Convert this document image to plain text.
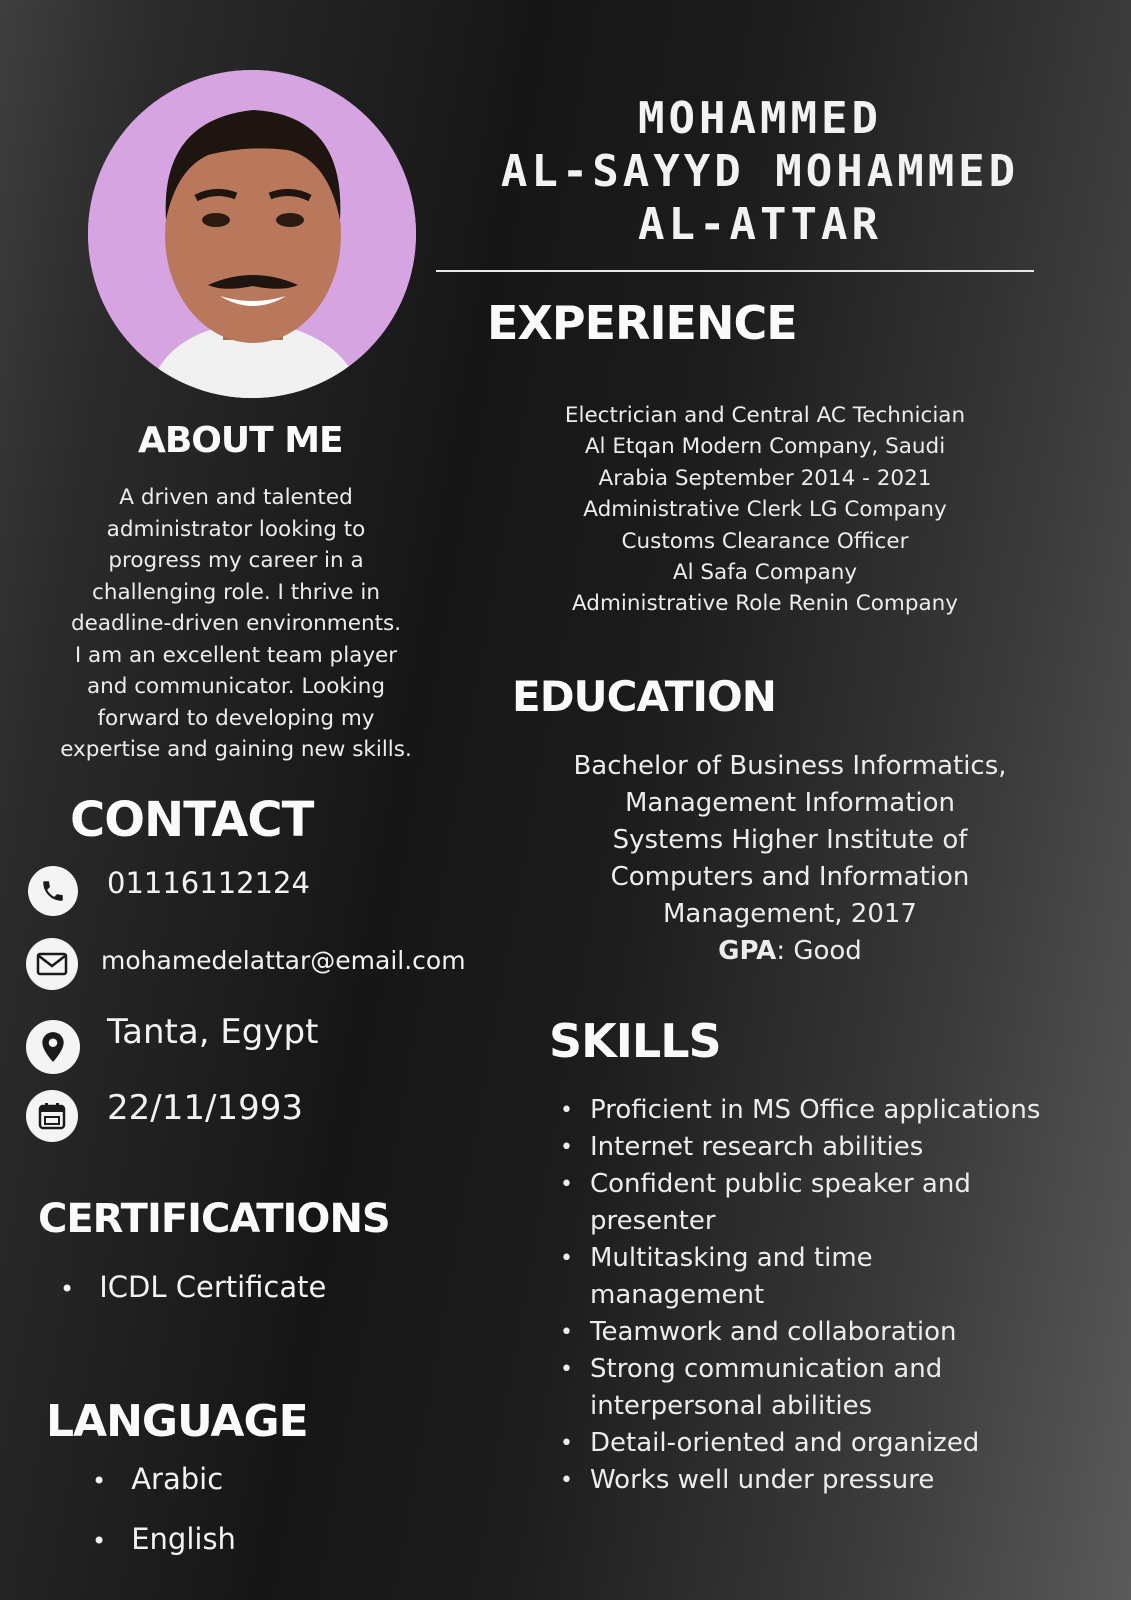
MOHAMMED
AL-SAYYD MOHAMMED
AL-ATTAR
ABOUT ME
A driven and talented
administrator looking to
progress my career in a
challenging role. I thrive in
deadline-driven environments.
I am an excellent team player
and communicator. Looking
forward to developing my
expertise and gaining new skills.
CONTACT
01116112124
mohamedelattar@email.com
Tanta, Egypt
22/11/1993
CERTIFICATIONS
• ICDL Certificate
LANGUAGE
• Arabic
• English
EXPERIENCE
Electrician and Central AC Technician
Al Etqan Modern Company, Saudi
Arabia September 2014 - 2021
Administrative Clerk LG Company
Customs Clearance Officer
Al Safa Company
Administrative Role Renin Company
EDUCATION
Bachelor of Business Informatics,
Management Information
Systems Higher Institute of
Computers and Information
Management, 2017
GPA: Good
SKILLS
• Proficient in MS Office applications
• Internet research abilities
• Confident public speaker and
presenter
• Multitasking and time
management
• Teamwork and collaboration
• Strong communication and
interpersonal abilities
• Detail-oriented and organized
• Works well under pressure
